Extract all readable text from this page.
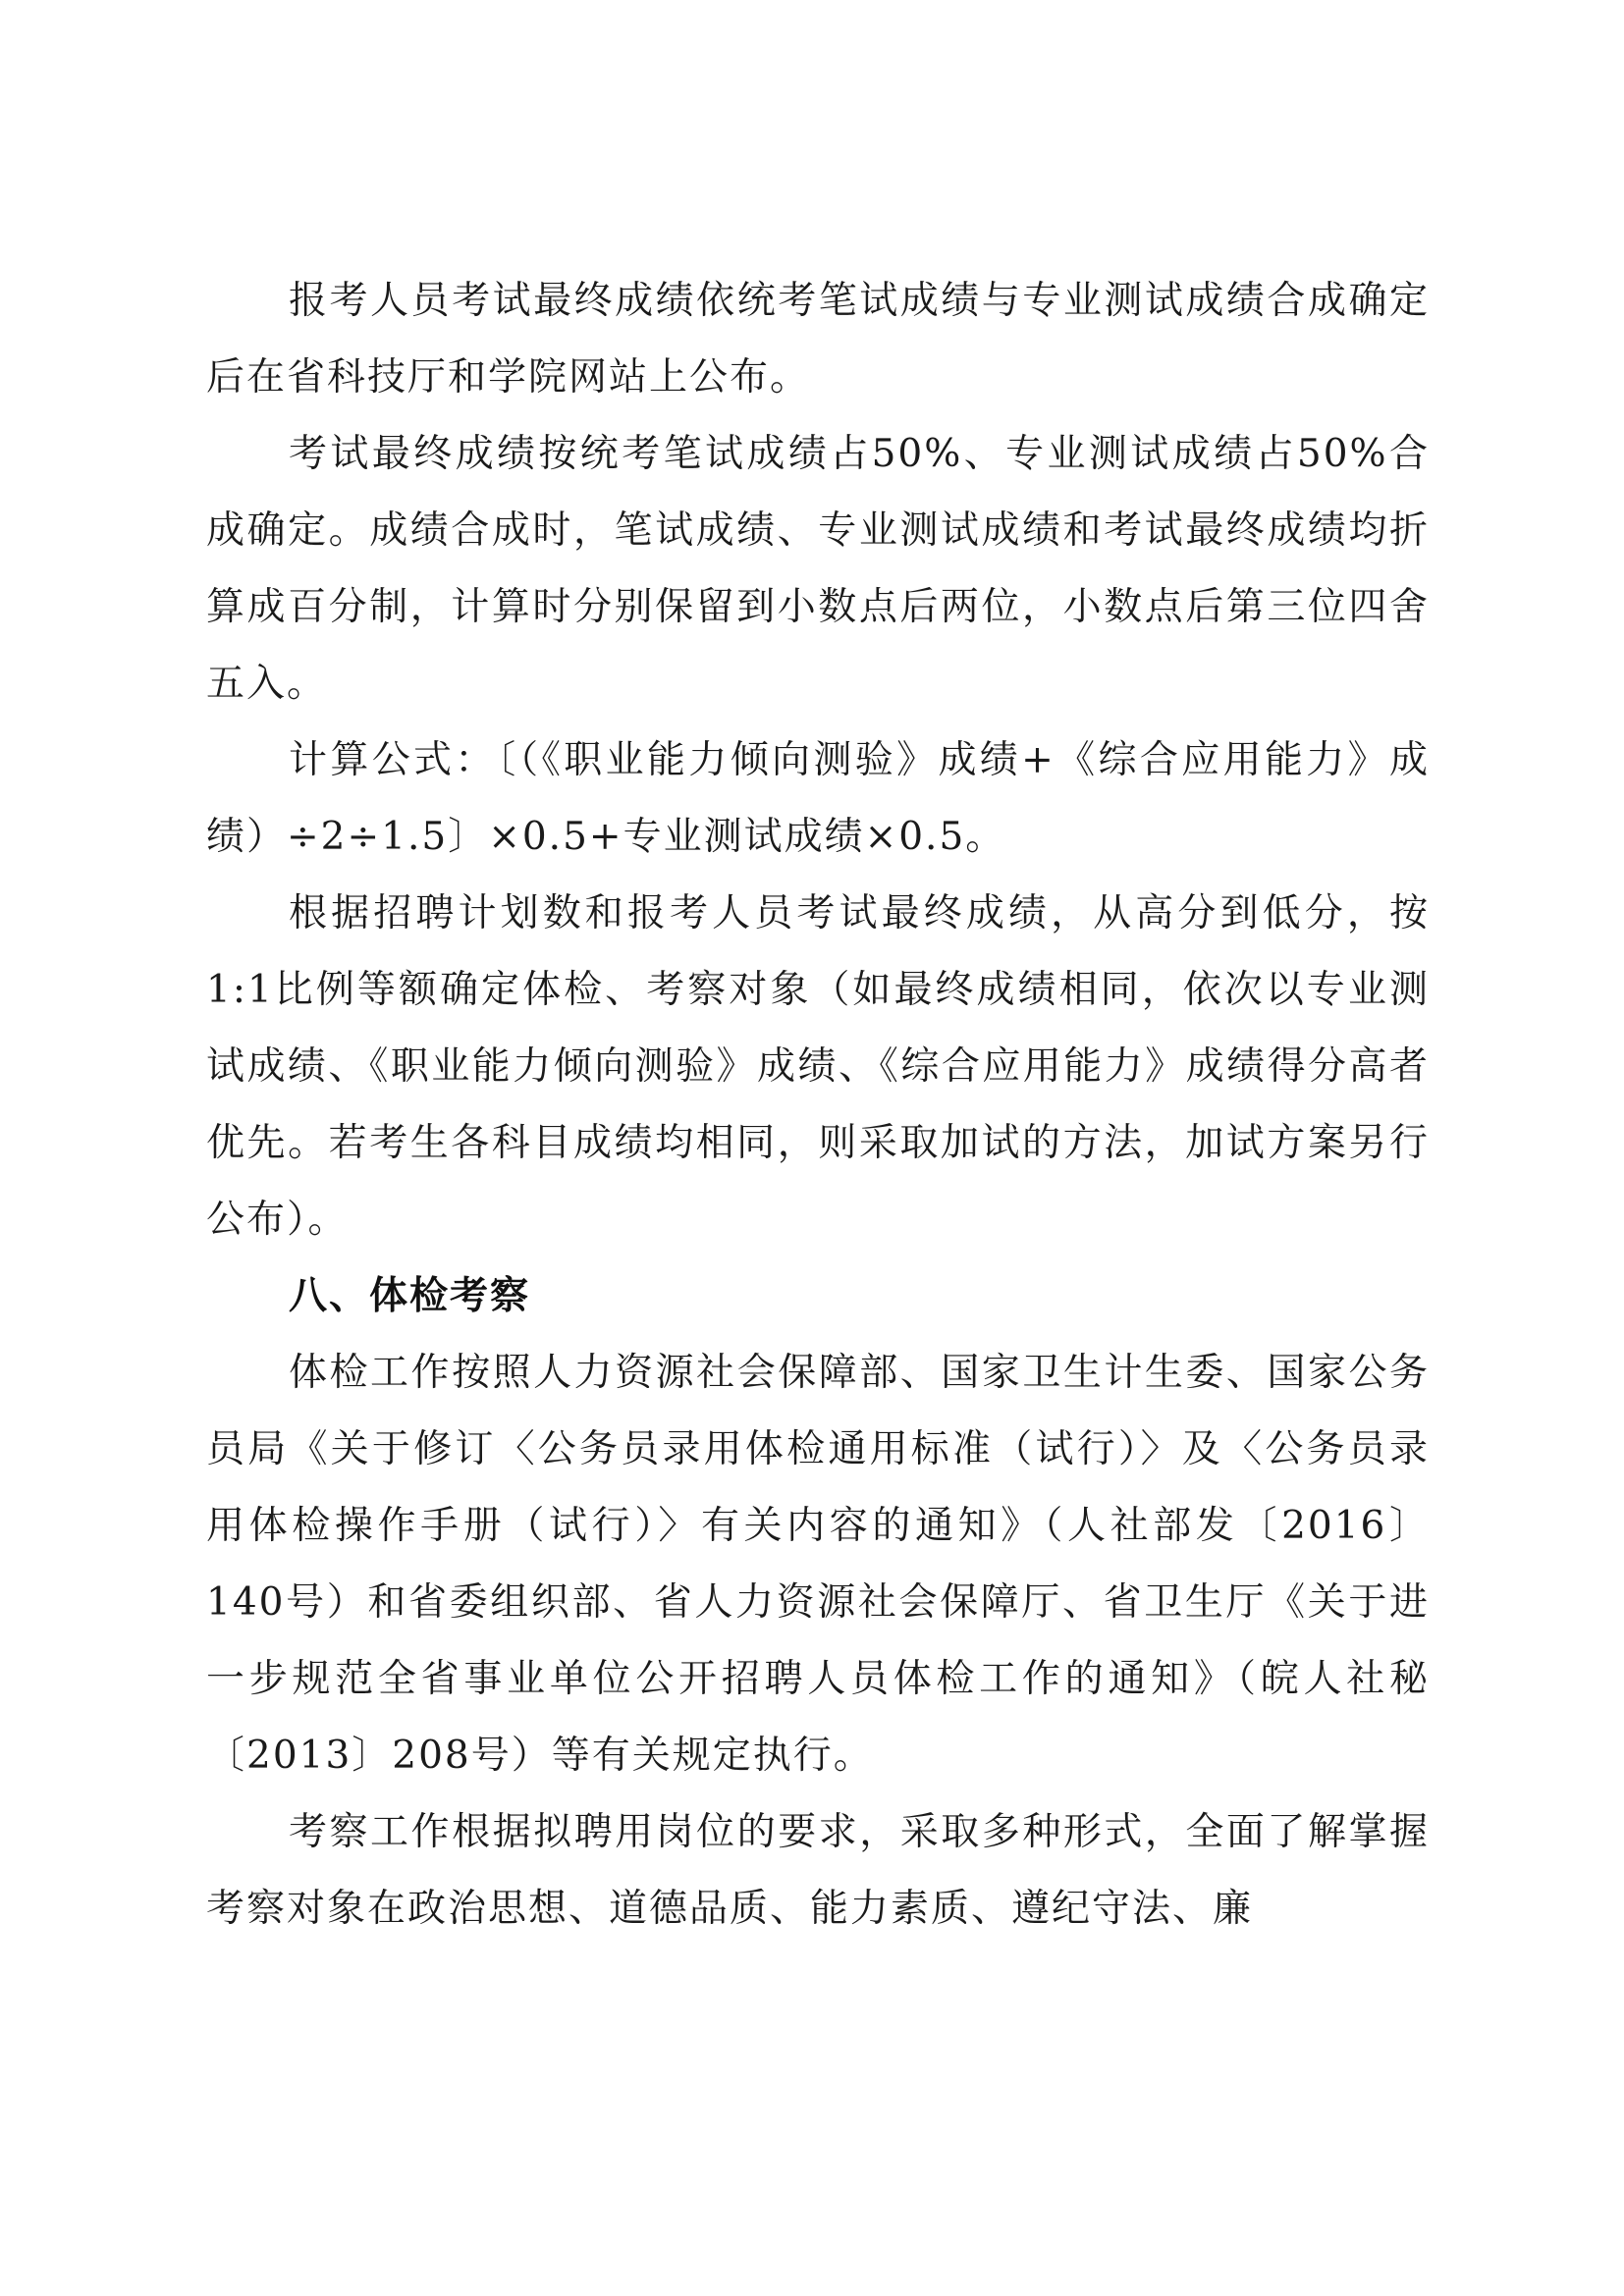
报考人员考试最终成绩依统考笔试成绩与专业测试成绩合成确定后在省科技厅和学院网站上公布。

考试最终成绩按统考笔试成绩占50%、专业测试成绩占50%合成确定。成绩合成时，笔试成绩、专业测试成绩和考试最终成绩均折算成百分制，计算时分别保留到小数点后两位，小数点后第三位四舍五入。

计算公式：〔（《职业能力倾向测验》成绩+《综合应用能力》成绩）÷2÷1.5〕×0.5+专业测试成绩×0.5。

根据招聘计划数和报考人员考试最终成绩，从高分到低分，按1:1比例等额确定体检、考察对象（如最终成绩相同，依次以专业测试成绩、《职业能力倾向测验》成绩、《综合应用能力》成绩得分高者优先。若考生各科目成绩均相同，则采取加试的方法，加试方案另行公布）。

八、体检考察

体检工作按照人力资源社会保障部、国家卫生计生委、国家公务员局《关于修订〈公务员录用体检通用标准（试行）〉及〈公务员录用体检操作手册（试行）〉有关内容的通知》（人社部发〔2016〕140号）和省委组织部、省人力资源社会保障厅、省卫生厅《关于进一步规范全省事业单位公开招聘人员体检工作的通知》（皖人社秘〔2013〕208号）等有关规定执行。

考察工作根据拟聘用岗位的要求，采取多种形式，全面了解掌握考察对象在政治思想、道德品质、能力素质、遵纪守法、廉
